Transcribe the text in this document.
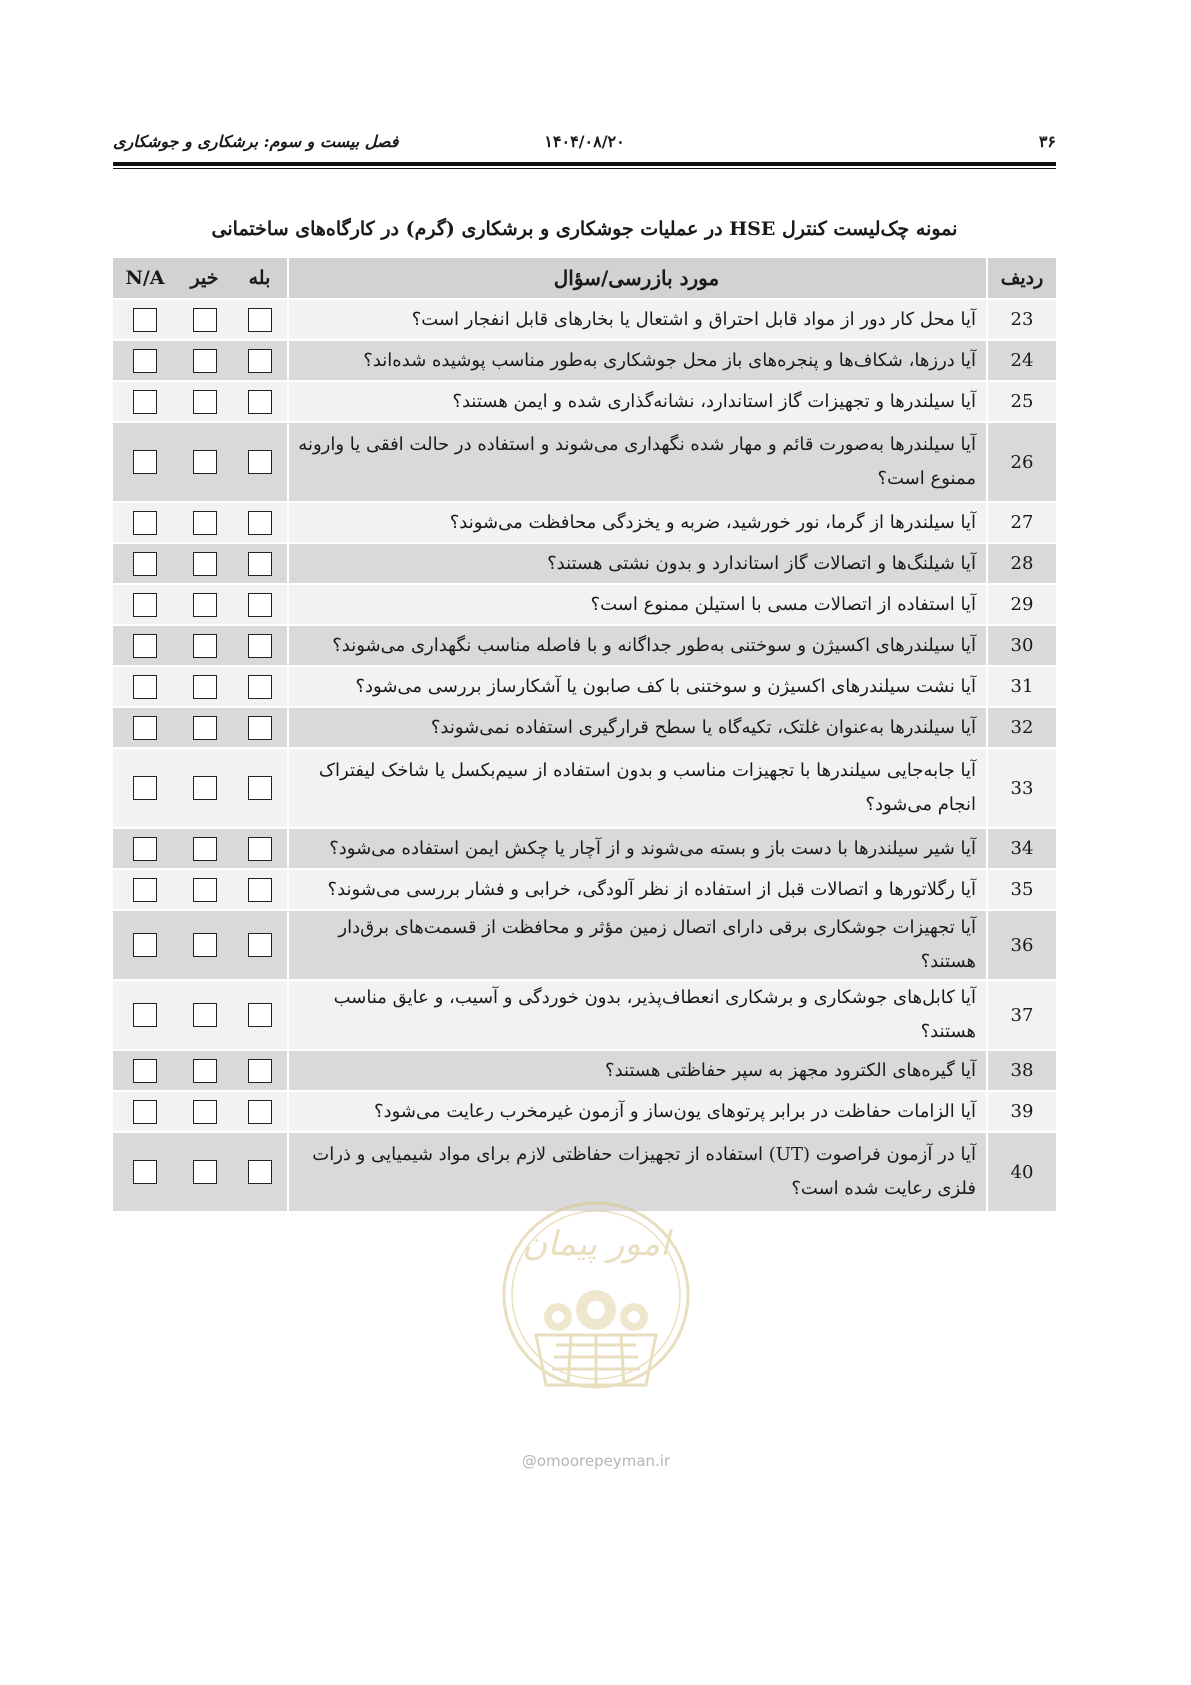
۳۶
۱۴۰۴/۰۸/۲۰
فصل بیست و سوم: برشکاری و جوشکاری
نمونه چک‌لیست کنترل HSE در عملیات جوشکاری و برشکاری (گرم) در کارگاه‌های ساختمانی
ردیف	مورد بازرسی/سؤال	بله	خیر	N/A
23	آیا محل کار دور از مواد قابل احتراق و اشتعال یا بخارهای قابل انفجار است؟			
24	آیا درزها، شکاف‌ها و پنجره‌های باز محل جوشکاری به‌طور مناسب پوشیده شده‌اند؟			
25	آیا سیلندرها و تجهیزات گاز استاندارد، نشانه‌گذاری شده و ایمن هستند؟			
26	آیا سیلندرها به‌صورت قائم و مهار شده نگهداری می‌شوند و استفاده در حالت افقی یا وارونه ممنوع است؟			
27	آیا سیلندرها از گرما، نور خورشید، ضربه و یخزدگی محافظت می‌شوند؟			
28	آیا شیلنگ‌ها و اتصالات گاز استاندارد و بدون نشتی هستند؟			
29	آیا استفاده از اتصالات مسی با استیلن ممنوع است؟			
30	آیا سیلندرهای اکسیژن و سوختنی به‌طور جداگانه و با فاصله مناسب نگهداری می‌شوند؟			
31	آیا نشت سیلندرهای اکسیژن و سوختنی با کف صابون یا آشکارساز بررسی می‌شود؟			
32	آیا سیلندرها به‌عنوان غلتک، تکیه‌گاه یا سطح قرارگیری استفاده نمی‌شوند؟			
33	آیا جابه‌جایی سیلندرها با تجهیزات مناسب و بدون استفاده از سیم‌بکسل یا شاخک لیفتراک انجام می‌شود؟			
34	آیا شیر سیلندرها با دست باز و بسته می‌شوند و از آچار یا چکش ایمن استفاده می‌شود؟			
35	آیا رگلاتورها و اتصالات قبل از استفاده از نظر آلودگی، خرابی و فشار بررسی می‌شوند؟			
36	آیا تجهیزات جوشکاری برقی دارای اتصال زمین مؤثر و محافظت از قسمت‌های برق‌دار هستند؟			
37	آیا کابل‌های جوشکاری و برشکاری انعطاف‌پذیر، بدون خوردگی و آسیب، و عایق مناسب هستند؟			
38	آیا گیره‌های الکترود مجهز به سپر حفاظتی هستند؟			
39	آیا الزامات حفاظت در برابر پرتوهای یون‌ساز و آزمون غیرمخرب رعایت می‌شود؟			
40	آیا در آزمون فراصوت (UT) استفاده از تجهیزات حفاظتی لازم برای مواد شیمیایی و ذرات فلزی رعایت شده است؟			
امور پیمان
@omoorepeyman.ir
